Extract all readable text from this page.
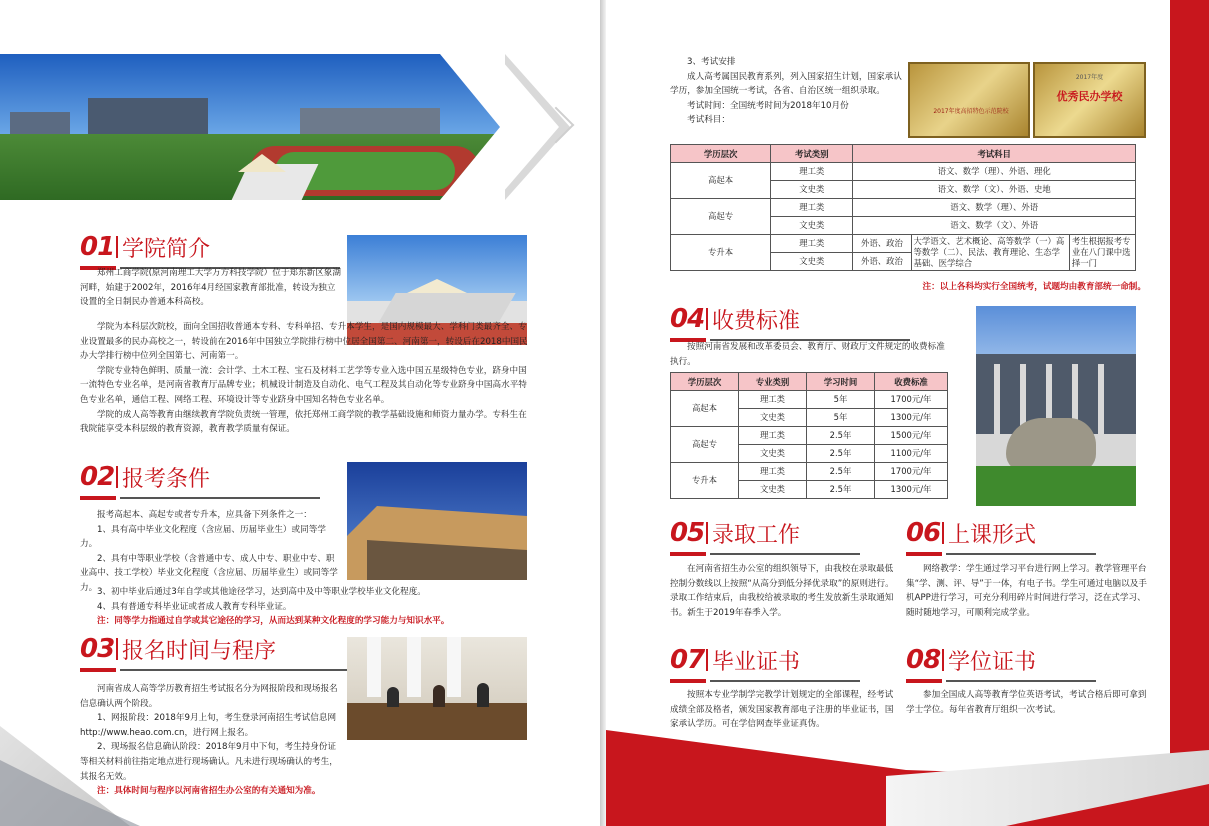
01 学院简介

郑州工商学院(原河南理工大学万方科技学院）位于郑东新区象湖河畔，始建于2002年，2016年4月经国家教育部批准，转设为独立设置的全日制民办普通本科高校。

学院为本科层次院校，面向全国招收普通本专科、专科单招、专升本学生，是国内规模最大、学科门类最齐全、专业设置最多的民办高校之一，转设前在2016年中国独立学院排行榜中位居全国第二、河南第一，转设后在2018中国民办大学排行榜中位列全国第七、河南第一。

学院专业特色鲜明、质量一流：会计学、土木工程、宝石及材料工艺学等专业入选中国五星级特色专业，跻身中国一流特色专业名单，是河南省教育厅品牌专业；机械设计制造及自动化、电气工程及其自动化等专业跻身中国高水平特色专业名单，通信工程、网络工程、环境设计等专业跻身中国知名特色专业名单。

学院的成人高等教育由继续教育学院负责统一管理，依托郑州工商学院的教学基础设施和师资力量办学。专科生在我院能享受本科层级的教育资源，教育教学质量有保证。

02 报考条件

报考高起本、高起专或者专升本，应具备下列条件之一：

1、具有高中毕业文化程度（含应届、历届毕业生）或同等学力。

2、具有中等职业学校（含普通中专、成人中专、职业中专、职业高中、技工学校）毕业文化程度（含应届、历届毕业生）或同等学力。 3、初中毕业后通过3年自学或其他途径学习，达到高中及中等职业学校毕业文化程度。

4、具有普通专科毕业证或者成人教育专科毕业证。

注：同等学力指通过自学或其它途径的学习，从而达到某种文化程度的学习能力与知识水平。

03 报名时间与程序

河南省成人高等学历教育招生考试报名分为网报阶段和现场报名信息确认两个阶段。

1、网报阶段：2018年9月上旬，考生登录河南招生考试信息网http://www.heao.com.cn，进行网上报名。

2、现场报名信息确认阶段：2018年9月中下旬，考生持身份证等相关材料前往指定地点进行现场确认。凡未进行现场确认的考生，其报名无效。

注：具体时间与程序以河南省招生办公室的有关通知为准。

3、考试安排

成人高考属国民教育系列，列入国家招生计划，国家承认学历，参加全国统一考试，各省、自治区统一组织录取。

考试时间：全国统考时间为2018年10月份

考试科目：

2017年度高招特色示范院校
2017年度
优秀民办学校
学历层次	考试类别	考试科目		
高起本	理工类	语文、数学（理）、外语、理化		
	文史类	语文、数学（文）、外语、史地		
高起专	理工类	语文、数学（理）、外语		
	文史类	语文、数学（文）、外语		
专升本	理工类	外语、政治	大学语文、艺术概论、高等数学（一）高等数学（二）、民法、教育理论、生态学基础、医学综合	考生根据报考专业在八门课中选择一门
	文史类	外语、政治		
注：以上各科均实行全国统考，试题均由教育部统一命制。
04 收费标准

按照河南省发展和改革委员会、教育厅、财政厅文件规定的收费标准执行。

学历层次	专业类别	学习时间	收费标准
高起本	理工类	5年	1700元/年
	文史类	5年	1300元/年
高起专	理工类	2.5年	1500元/年
	文史类	2.5年	1100元/年
专升本	理工类	2.5年	1700元/年
	文史类	2.5年	1300元/年
05 录取工作

在河南省招生办公室的组织领导下，由我校在录取最低控制分数线以上按照“从高分到低分择优录取”的原则进行。录取工作结束后，由我校给被录取的考生发放新生录取通知书。新生于2019年春季入学。

06 上课形式

网络教学：学生通过学习平台进行网上学习。教学管理平台集“学、测、评、导”于一体，有电子书。学生可通过电脑以及手机APP进行学习，可充分利用碎片时间进行学习，泛在式学习、随时随地学习，可顺利完成学业。

07 毕业证书

按照本专业学制学完教学计划规定的全部课程，经考试成绩全部及格者，颁发国家教育部电子注册的毕业证书，国家承认学历。可在学信网查毕业证真伪。

08 学位证书

参加全国成人高等教育学位英语考试，考试合格后即可拿到学士学位。每年省教育厅组织一次考试。
